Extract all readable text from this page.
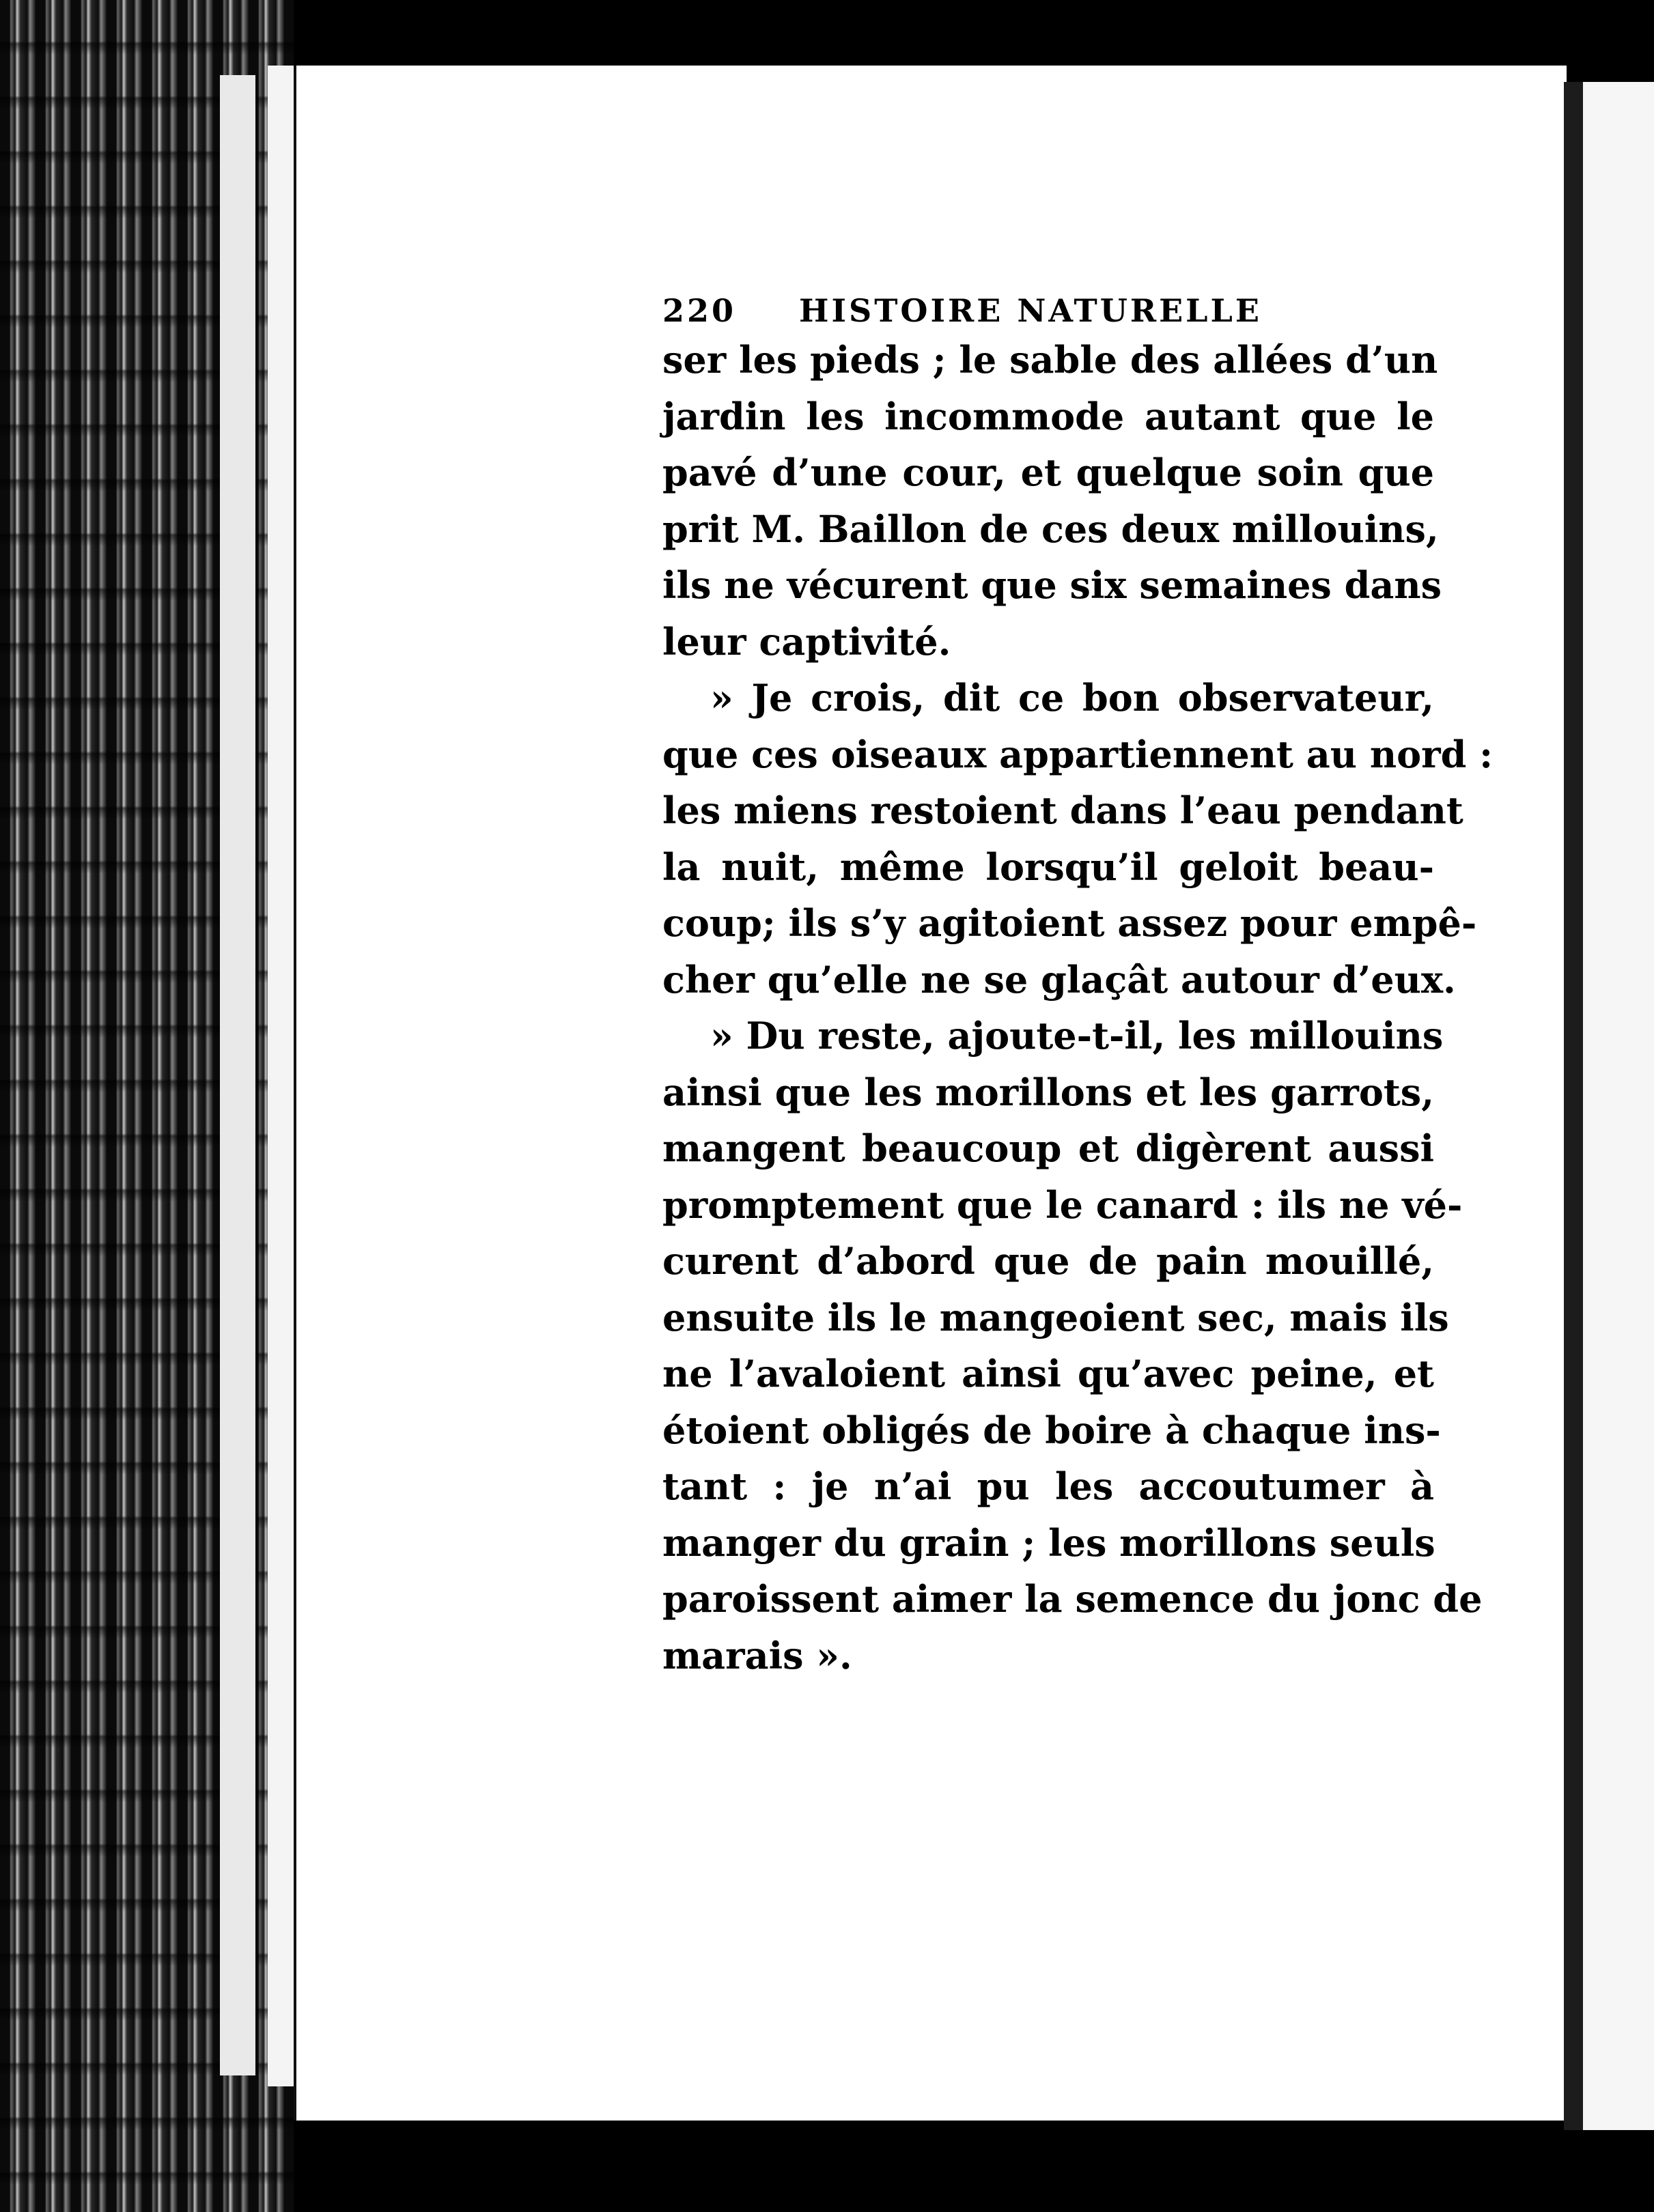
220	HISTOIRE NATURELLE
ser les pieds ; le sable des allées d’un
jardin les incommode autant que le
pavé d’une cour, et quelque soin que
prit M. Baillon de ces deux millouins,
ils ne vécurent que six semaines dans
leur captivité.
» Je crois, dit ce bon observateur,
que ces oiseaux appartiennent au nord :
les miens restoient dans l’eau pendant
la nuit, même lorsqu’il geloit beau-
coup; ils s’y agitoient assez pour empê-
cher qu’elle ne se glaçât autour d’eux.
» Du reste, ajoute-t-il, les millouins
ainsi que les morillons et les garrots,
mangent beaucoup et digèrent aussi
promptement que le canard : ils ne vé-
curent d’abord que de pain mouillé,
ensuite ils le mangeoient sec, mais ils
ne l’avaloient ainsi qu’avec peine, et
étoient obligés de boire à chaque ins-
tant : je n’ai pu les accoutumer à
manger du grain ; les morillons seuls
paroissent aimer la semence du jonc de
marais ».
